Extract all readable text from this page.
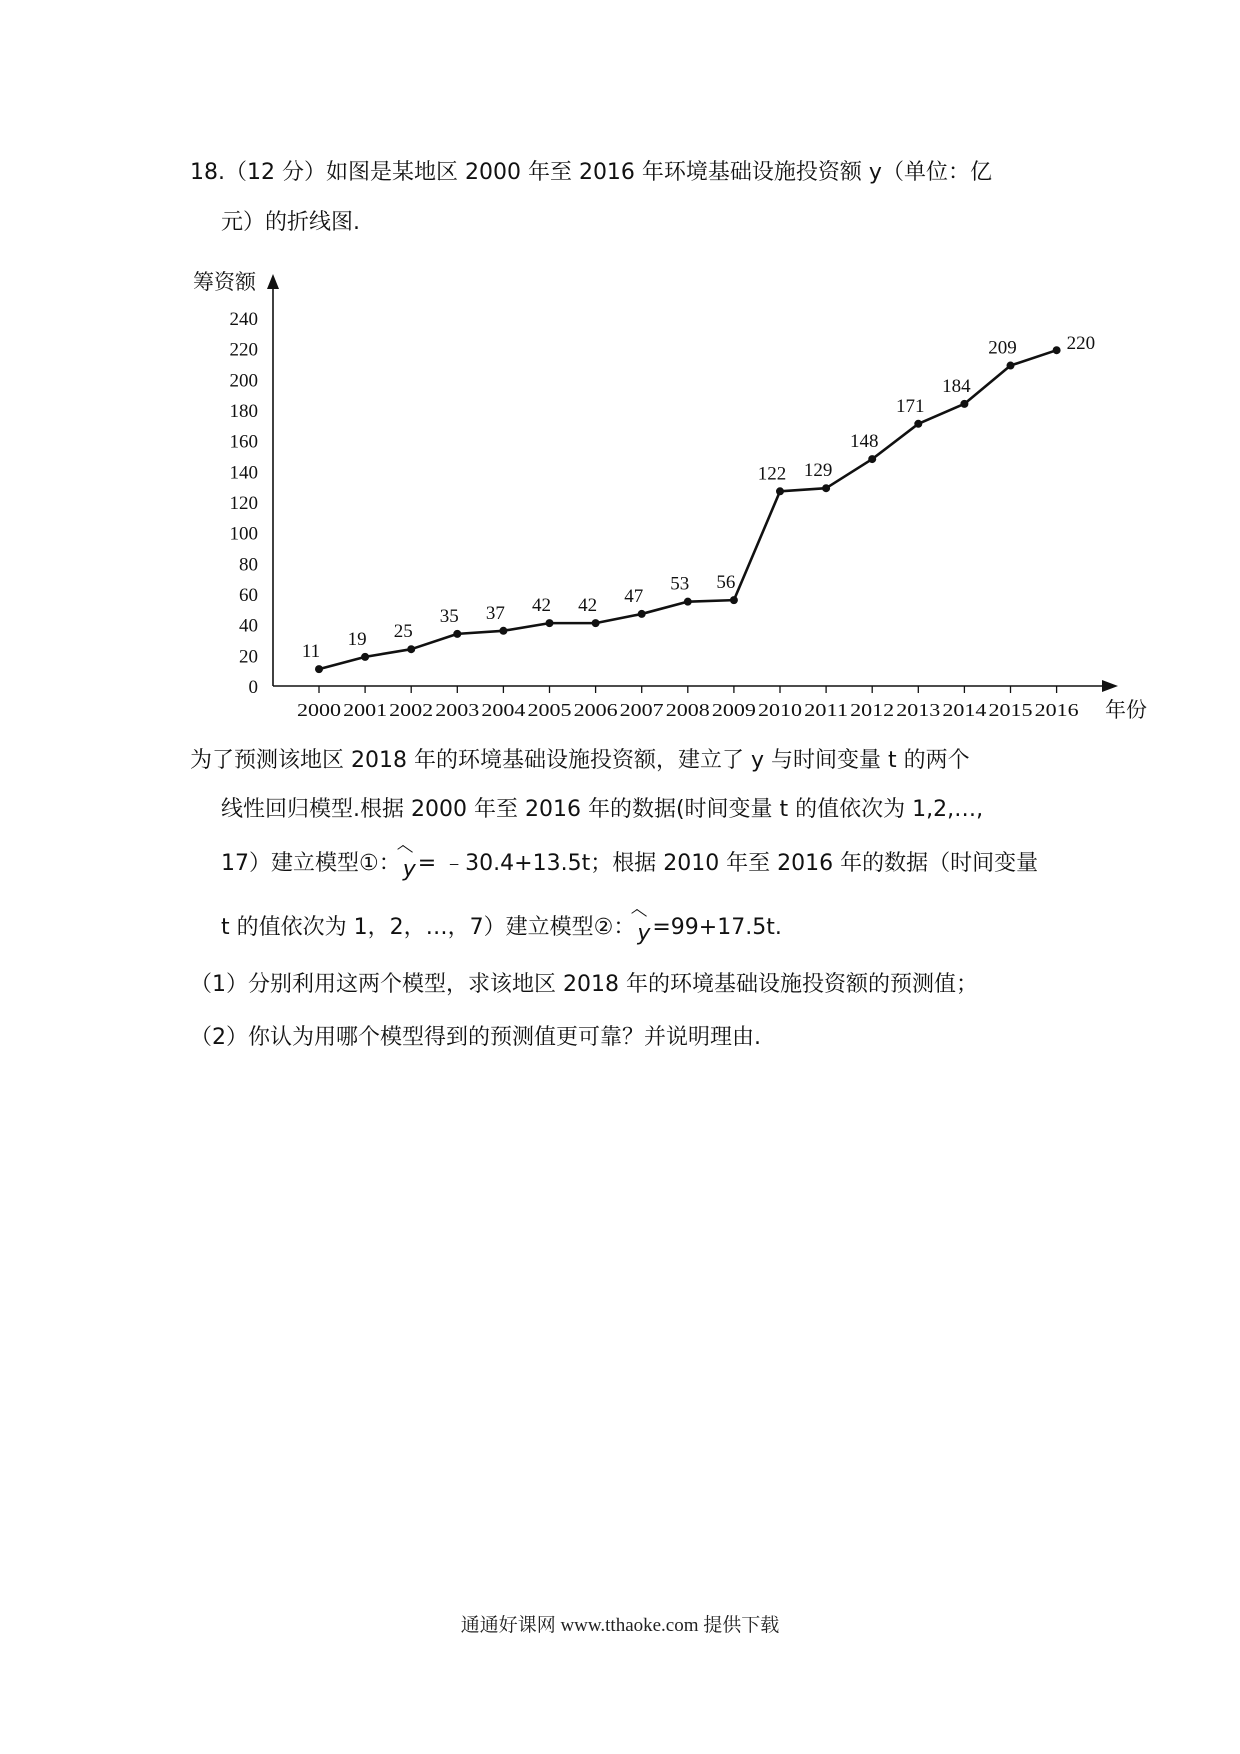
18.（12 分）如图是某地区 2000 年至 2016 年环境基础设施投资额 y（单位：亿
元）的折线图.
0
20
40
60
80
100
120
140
160
180
200
220
240
2000 2001 2002 2003 2004 2005 2006 2007 2008 2009 2010 2011 2012 2013 2014 2015 2016
11
19 25
35 37 42 42 47
53 56
122 129
148
171
184
209	220
筹资额
年份
为了预测该地区 2018 年的环境基础设施投资额，建立了 y 与时间变量 t 的两个
线性回归模型.根据 2000 年至 2016 年的数据(时间变量 t 的值依次为 1,2,…,
17）建立模型①：y= ﹣30.4+13.5t；根据 2010 年至 2016 年的数据（时间变量
t 的值依次为 1，2，…，7）建立模型②：y=99+17.5t.
（1）分别利用这两个模型，求该地区 2018 年的环境基础设施投资额的预测值；
（2）你认为用哪个模型得到的预测值更可靠？并说明理由.
通通好课网 www.tthaoke.com 提供下载
